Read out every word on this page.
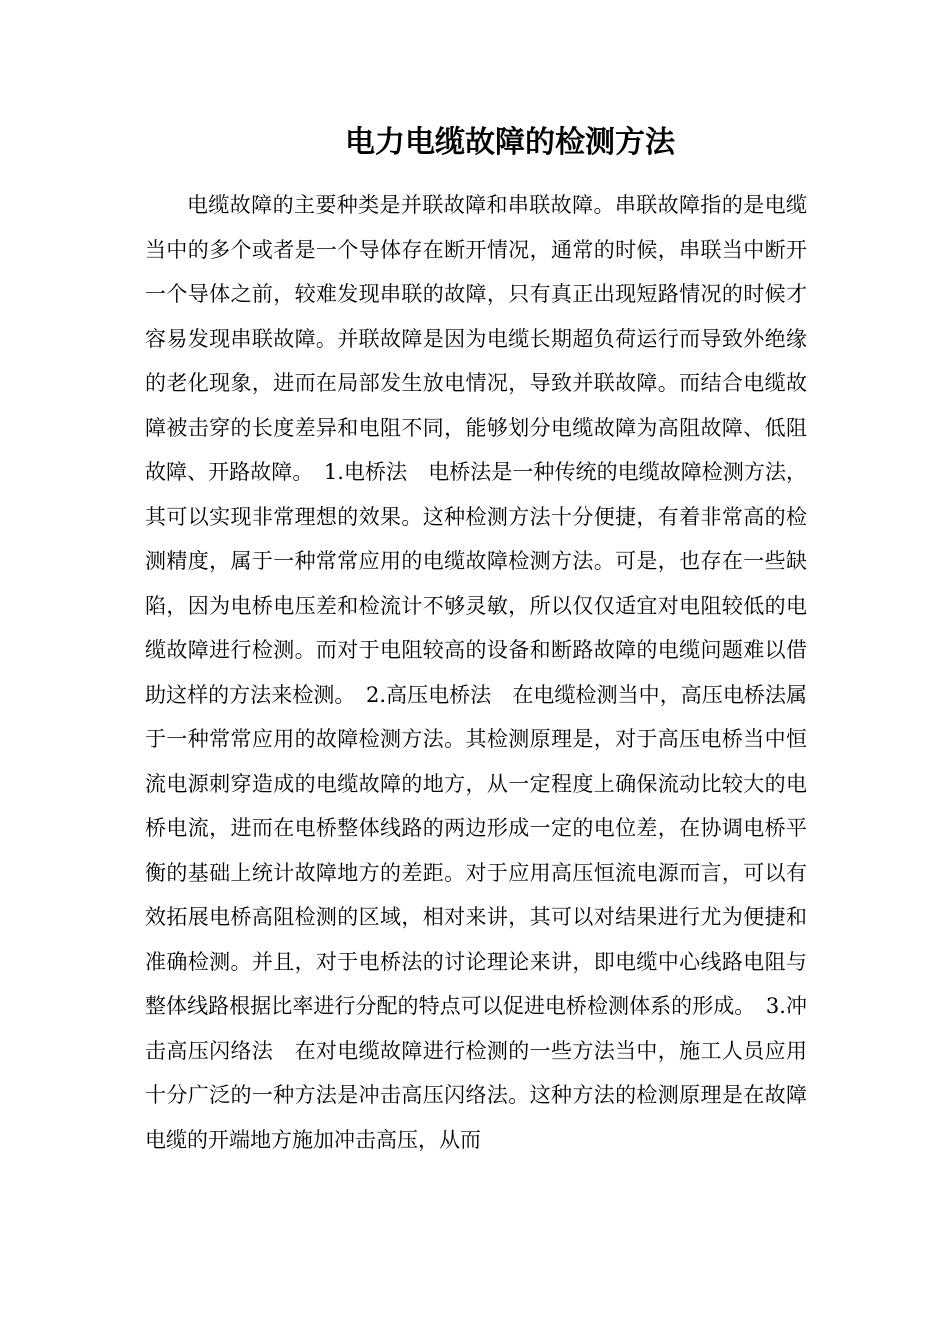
电力电缆故障的检测方法

电缆故障的主要种类是并联故障和串联故障。串联故障指的是电缆当中的多个或者是一个导体存在断开情况，通常的时候，串联当中断开一个导体之前，较难发现串联的故障，只有真正出现短路情况的时候才容易发现串联故障。并联故障是因为电缆长期超负荷运行而导致外绝缘的老化现象，进而在局部发生放电情况，导致并联故障。而结合电缆故障被击穿的长度差异和电阻不同，能够划分电缆故障为高阻故障、低阻故障、开路故障。　1.电桥法　电桥法是一种传统的电缆故障检测方法，其可以实现非常理想的效果。这种检测方法十分便捷，有着非常高的检测精度，属于一种常常应用的电缆故障检测方法。可是，也存在一些缺陷，因为电桥电压差和检流计不够灵敏，所以仅仅适宜对电阻较低的电缆故障进行检测。而对于电阻较高的设备和断路故障的电缆问题难以借助这样的方法来检测。　2.高压电桥法　在电缆检测当中，高压电桥法属于一种常常应用的故障检测方法。其检测原理是，对于高压电桥当中恒流电源刺穿造成的电缆故障的地方，从一定程度上确保流动比较大的电桥电流，进而在电桥整体线路的两边形成一定的电位差，在协调电桥平衡的基础上统计故障地方的差距。对于应用高压恒流电源而言，可以有效拓展电桥高阻检测的区域，相对来讲，其可以对结果进行尤为便捷和准确检测。并且，对于电桥法的讨论理论来讲，即电缆中心线路电阻与整体线路根据比率进行分配的特点可以促进电桥检测体系的形成。　3.冲击高压闪络法　在对电缆故障进行检测的一些方法当中，施工人员应用十分广泛的一种方法是冲击高压闪络法。这种方法的检测原理是在故障电缆的开端地方施加冲击高压，从而
